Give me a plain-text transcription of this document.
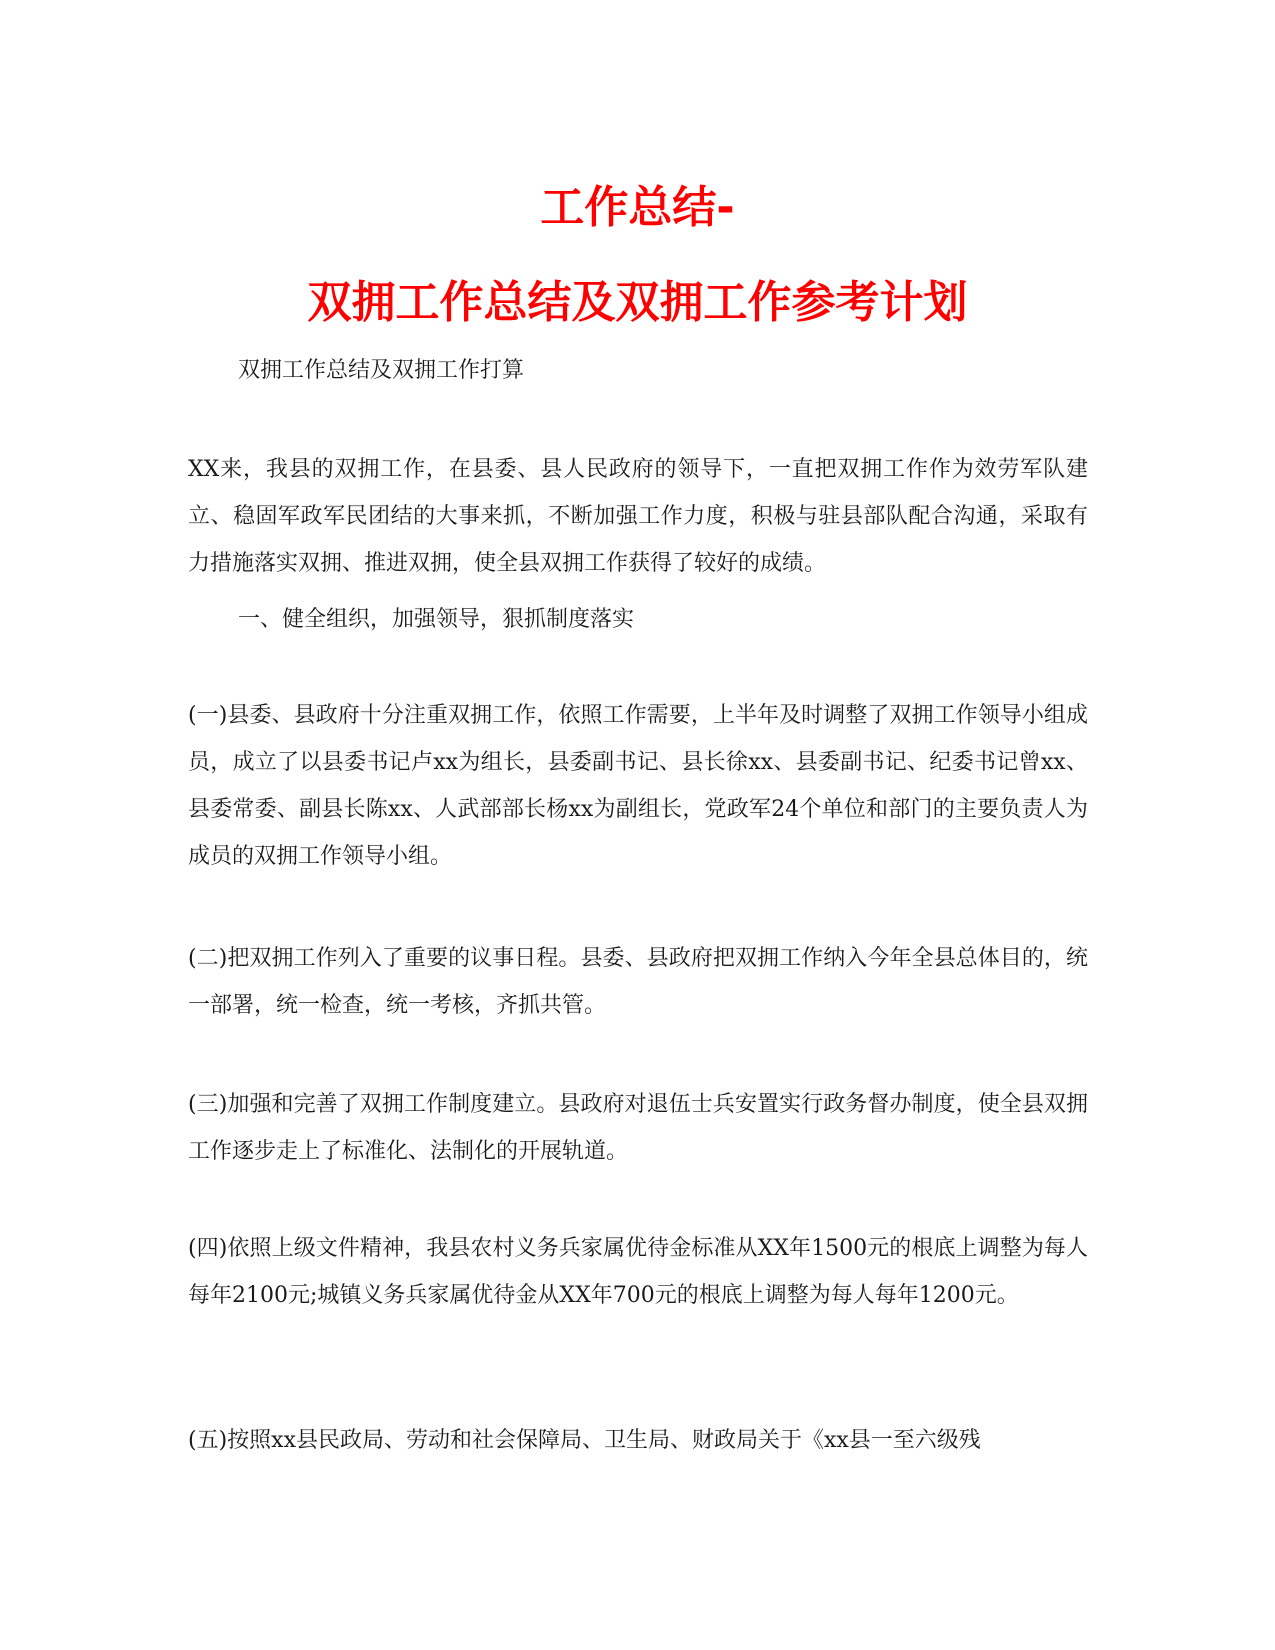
工作总结-
双拥工作总结及双拥工作参考计划

双拥工作总结及双拥工作打算

XX来，我县的双拥工作，在县委、县人民政府的领导下，一直把双拥工作作为效劳军队建立、稳固军政军民团结的大事来抓，不断加强工作力度，积极与驻县部队配合沟通，采取有力措施落实双拥、推进双拥，使全县双拥工作获得了较好的成绩。

一、健全组织，加强领导，狠抓制度落实

(一)县委、县政府十分注重双拥工作，依照工作需要，上半年及时调整了双拥工作领导小组成员，成立了以县委书记卢xx为组长，县委副书记、县长徐xx、县委副书记、纪委书记曾xx、县委常委、副县长陈xx、人武部部长杨xx为副组长，党政军24个单位和部门的主要负责人为成员的双拥工作领导小组。

(二)把双拥工作列入了重要的议事日程。县委、县政府把双拥工作纳入今年全县总体目的，统一部署，统一检查，统一考核，齐抓共管。

(三)加强和完善了双拥工作制度建立。县政府对退伍士兵安置实行政务督办制度，使全县双拥工作逐步走上了标准化、法制化的开展轨道。

(四)依照上级文件精神，我县农村义务兵家属优待金标准从XX年1500元的根底上调整为每人每年2100元;城镇义务兵家属优待金从XX年700元的根底上调整为每人每年1200元。

(五)按照xx县民政局、劳动和社会保障局、卫生局、财政局关于《xx县一至六级残
